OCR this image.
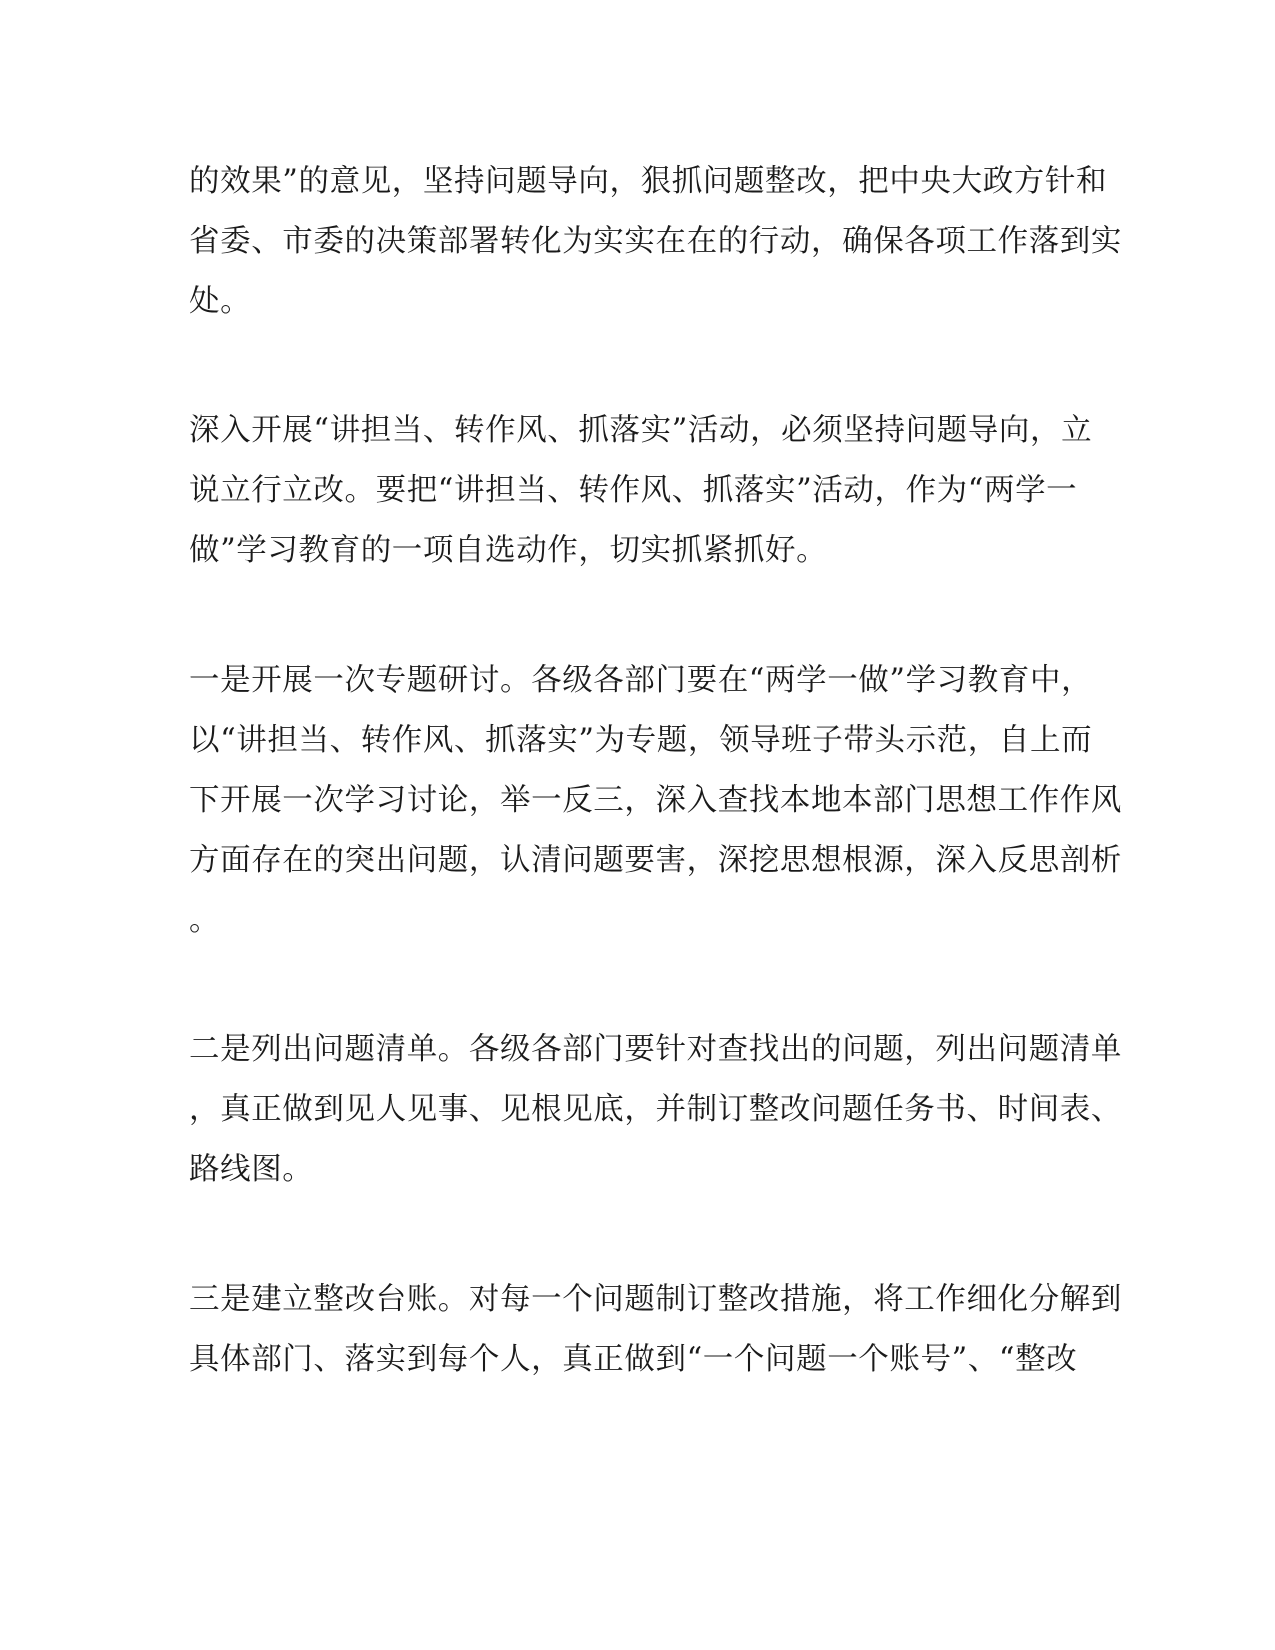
的效果”的意见，坚持问题导向，狠抓问题整改，把中央大政方针和
省委、市委的决策部署转化为实实在在的行动，确保各项工作落到实
处。
深入开展“讲担当、转作风、抓落实”活动，必须坚持问题导向，立
说立行立改。要把“讲担当、转作风、抓落实”活动，作为“两学一
做”学习教育的一项自选动作，切实抓紧抓好。
一是开展一次专题研讨。各级各部门要在“两学一做”学习教育中，
以“讲担当、转作风、抓落实”为专题，领导班子带头示范，自上而
下开展一次学习讨论，举一反三，深入查找本地本部门思想工作作风
方面存在的突出问题，认清问题要害，深挖思想根源，深入反思剖析
。
二是列出问题清单。各级各部门要针对查找出的问题，列出问题清单
，真正做到见人见事、见根见底，并制订整改问题任务书、时间表、
路线图。
三是建立整改台账。对每一个问题制订整改措施，将工作细化分解到
具体部门、落实到每个人，真正做到“一个问题一个账号”、“整改
